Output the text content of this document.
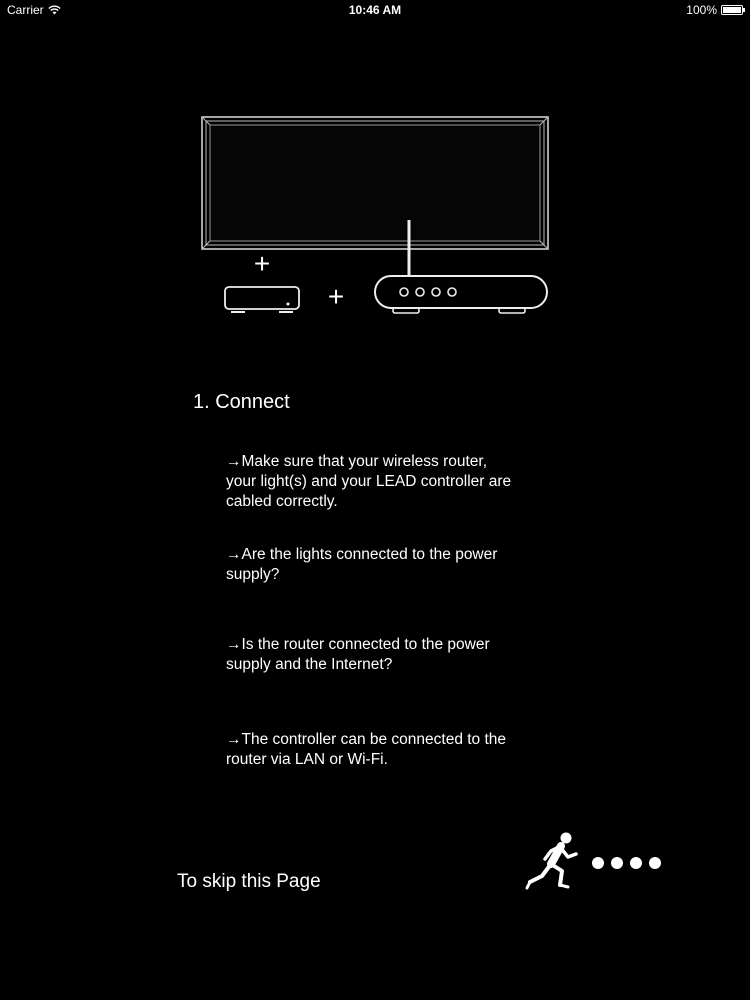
Carrier	10:46 AM	100%
+
+
1. Connect
→Make sure that your wireless router,
your light(s) and your LEAD controller are
cabled correctly.
→Are the lights connected to the power
supply?
→Is the router connected to the power
supply and the Internet?
→The controller can be connected to the
router via LAN or Wi-Fi.
To skip this Page
